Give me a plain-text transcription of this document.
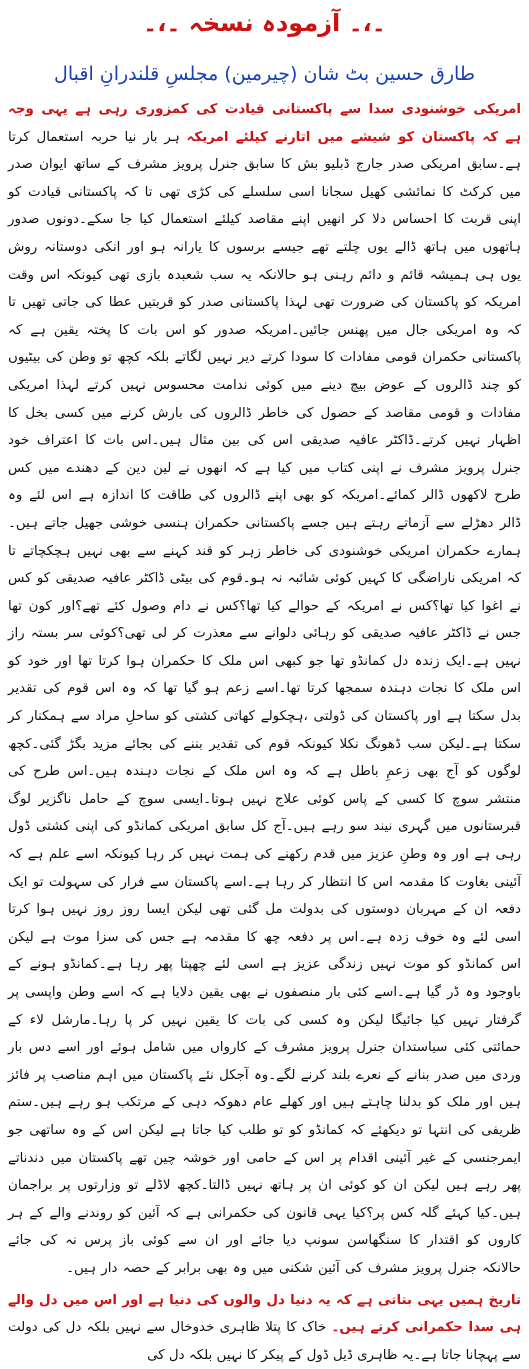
۔،۔ آزمودہ نسخہ ۔،۔
طارق حسین بٹ شان (چیرمین) مجلسِ قلندرانِ اقبال
امریکی خوشنودی سدا سے پاکستانی قیادت کی کمزوری رہی ہے یہی وجہ ہے کہ پاکستان کو شیشے میں اتارنے کیلئے امریکہ ہر بار نیا حربہ استعمال کرتا ہے۔سابق امریکی صدر جارج ڈبلیو بش کا سابق جنرل پرویز مشرف کے ساتھ ایوان صدر میں کرکٹ کا نمائشی کھیل سجانا اسی سلسلے کی کڑی تھی تا کہ پاکستانی قیادت کو اپنی قربت کا احساس دلا کر انھیں اپنے مقاصد کیلئے استعمال کیا جا سکے۔دونوں صدور ہاتھوں میں ہاتھ ڈالے یوں چلتے تھے جیسے برسوں کا یارانہ ہو اور انکی دوستانہ روش یوں ہی ہمیشہ قائم و دائم رہنی ہو حالانکہ یہ سب شعبدہ بازی تھی کیونکہ اس وقت امریکہ کو پاکستان کی ضرورت تھی لہذا پاکستانی صدر کو قربتیں عطا کی جاتی تھیں تا کہ وہ امریکی جال میں پھنس جائیں۔امریکہ صدور کو اس بات کا پختہ یقین ہے کہ پاکستانی حکمران قومی مفادات کا سودا کرتے دیر نہیں لگاتے بلکہ کچھ تو وطن کی بیٹیوں کو چند ڈالروں کے عوض بیچ دینے میں کوئی ندامت محسوس نہیں کرتے لہذا امریکی مفادات و قومی مقاصد کے حصول کی خاطر ڈالروں کی بارش کرنے میں کسی بخل کا اظہار نہیں کرتے۔ڈاکٹر عافیہ صدیقی اس کی بین مثال ہیں۔اس بات کا اعتراف خود جنرل پرویز مشرف نے اپنی کتاب میں کیا ہے کہ انھوں نے لین دین کے دھندے میں کس طرح لاکھوں ڈالر کمائے۔امریکہ کو بھی اپنے ڈالروں کی طاقت کا اندازہ ہے اس لئے وہ ڈالر دھڑلے سے آزماتے رہتے ہیں جسے پاکستانی حکمران ہنسی خوشی جھیل جاتے ہیں۔ہمارے حکمران امریکی خوشنودی کی خاطر زہر کو قند کہنے سے بھی نہیں ہچکچاتے تا کہ امریکی ناراضگی کا کہیں کوئی شائبہ نہ ہو۔قوم کی بیٹی ڈاکٹر عافیہ صدیقی کو کس نے اغوا کیا تھا؟کس نے امریکہ کے حوالے کیا تھا؟کس نے دام وصول کئے تھے؟اور کون تھا جس نے ڈاکٹر عافیہ صدیقی کو رہائی دلوانے سے معذرت کر لی تھی؟کوئی سر بستہ راز نہیں ہے۔ایک زندہ دل کمانڈو تھا جو کبھی اس ملک کا حکمران ہوا کرتا تھا اور خود کو اس ملک کا نجات دہندہ سمجھا کرتا تھا۔اسے زعم ہو گیا تھا کہ وہ اس قوم کی تقدیر بدل سکتا ہے اور پاکستان کی ڈولتی ،ہچکولے کھاتی کشتی کو ساحلِ مراد سے ہمکنار کر سکتا ہے۔لیکن سب ڈھونگ نکلا کیونکہ قوم کی تقدیر بننے کی بجائے مزید بگڑ گئی۔کچھ لوگوں کو آج بھی زعمِ باطل ہے کہ وہ اس ملک کے نجات دہندہ ہیں۔اس طرح کی منتشر سوچ کا کسی کے پاس کوئی علاج نہیں ہوتا۔ایسی سوچ کے حامل ناگزیر لوگ قبرستانوں میں گہری نیند سو رہے ہیں۔آج کل سابق امریکی کمانڈو کی اپنی کشتی ڈول رہی ہے اور وہ وطنِ عزیز میں قدم رکھنے کی ہمت نہیں کر رہا کیونکہ اسے علم ہے کہ آئینی بغاوت کا مقدمہ اس کا انتظار کر رہا ہے۔اسے پاکستان سے فرار کی سہولت تو ایک دفعہ ان کے مہربان دوستوں کی بدولت مل گئی تھی لیکن ایسا روز روز نہیں ہوا کرتا اسی لئے وہ خوف زدہ ہے۔اس پر دفعہ چھ کا مقدمہ ہے جس کی سزا موت ہے لیکن اس کمانڈو کو موت نہیں زندگی عزیز ہے اسی لئے چھپتا پھر رہا ہے۔کمانڈو ہونے کے باوجود وہ ڈر گیا ہے۔اسے کئی بار منصفوں نے بھی یقین دلایا ہے کہ اسے وطن واپسی پر گرفتار نہیں کیا جائیگا لیکن وہ کسی کی بات کا یقین نہیں کر پا رہا۔مارشل لاء کے حمائتی کئی سیاستدان جنرل پرویز مشرف کے کارواں میں شامل ہوئے اور اسے دس بار وردی میں صدر بنانے کے نعرے بلند کرنے لگے۔وہ آجکل نئے پاکستان میں اہم مناصب پر فائز ہیں اور ملک کو بدلنا چاہتے ہیں اور کھلے عام دھوکہ دہی کے مرتکب ہو رہے ہیں۔ستم ظریفی کی انتہا تو دیکھئے کہ کمانڈو کو تو طلب کیا جاتا ہے لیکن اس کے وہ ساتھی جو ایمرجنسی کے غیر آئینی اقدام پر اس کے حامی اور خوشہ چین تھے پاکستان میں دندناتے پھر رہے ہیں لیکن ان کو کوئی ان پر ہاتھ نہیں ڈالتا۔کچھ لاڈلے تو وزارتوں پر براجمان ہیں۔کیا کہئے گلہ کس پر؟کیا یہی قانون کی حکمرانی ہے کہ آئین کو روندنے والے کے ہر کاروں کو اقتدار کا سنگھاسن سونپ دیا جائے اور ان سے کوئی باز پرس نہ کی جائے حالانکہ جنرل پرویز مشرف کی آئین شکنی میں وہ بھی برابر کے حصہ دار ہیں۔
تاریخ ہمیں یہی بتاتی ہے کہ یہ دنیا دل والوں کی دنیا ہے اور اس میں دل والے ہی سدا حکمرانی کرتے ہیں۔ خاک کا پتلا ظاہری خدوخال سے نہیں بلکہ دل کی دولت سے پہچانا جاتا ہے۔یہ ظاہری ڈیل ڈول کے پیکر کا نہیں بلکہ دل کی
